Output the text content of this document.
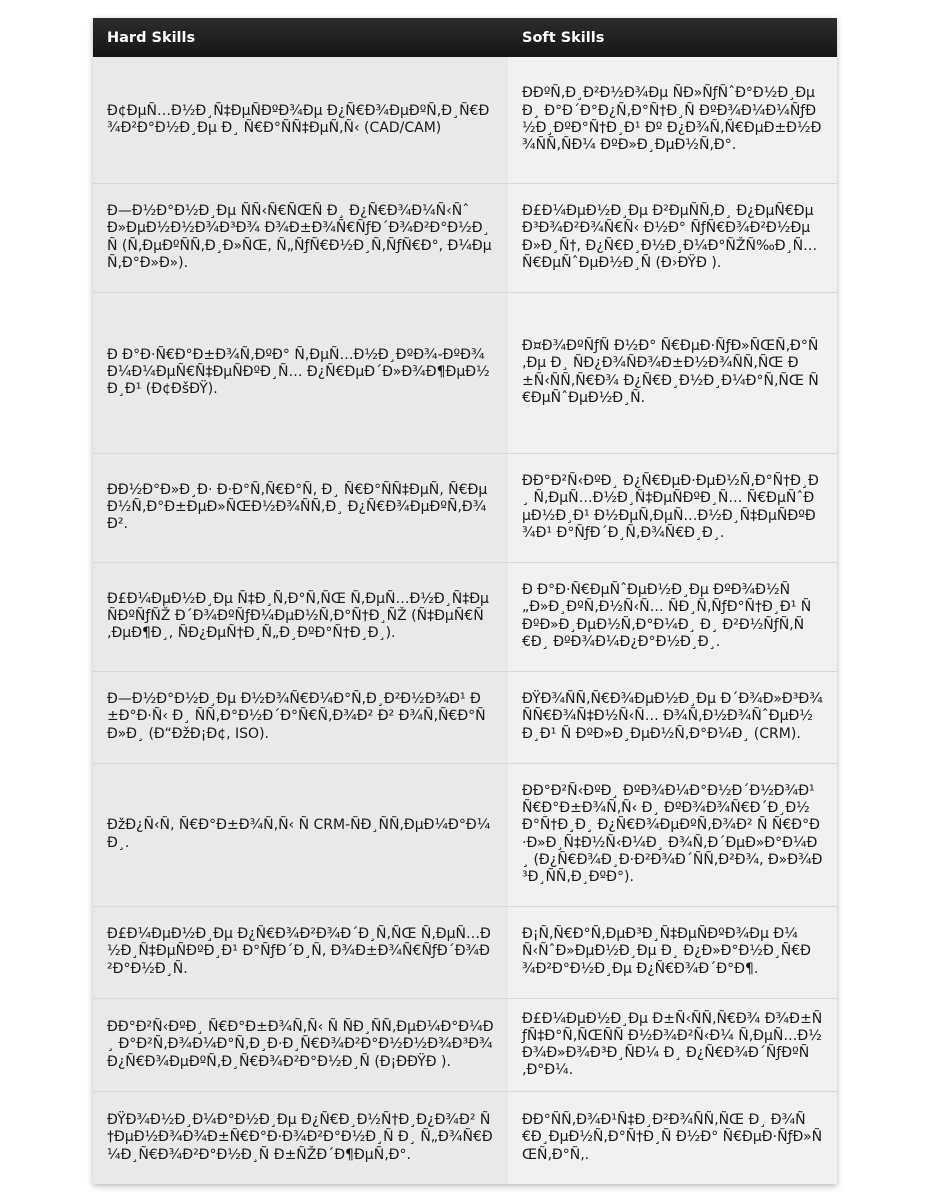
Hard Skills	Soft Skills
Ð¢ÐµÑ…Ð½Ð¸Ñ‡ÐµÑÐºÐ¾Ðµ Ð¿Ñ€Ð¾ÐµÐºÑ‚Ð¸Ñ€Ð¾Ð²Ð°Ð½Ð¸Ðµ Ð¸ Ñ€Ð°ÑÑ‡ÐµÑ‚Ñ‹ (CAD/CAM)	ÐÐºÑ‚Ð¸Ð²Ð½Ð¾Ðµ ÑÐ»ÑƒÑˆÐ°Ð½Ð¸Ðµ Ð¸ Ð°Ð´Ð°Ð¿Ñ‚Ð°Ñ†Ð¸Ñ ÐºÐ¾Ð¼Ð¼ÑƒÐ½Ð¸ÐºÐ°Ñ†Ð¸Ð¹ Ðº Ð¿Ð¾Ñ‚Ñ€ÐµÐ±Ð½Ð¾ÑÑ‚ÑÐ¼ ÐºÐ»Ð¸ÐµÐ½Ñ‚Ð°.
Ð—Ð½Ð°Ð½Ð¸Ðµ ÑÑ‹Ñ€ÑŒÑ Ð¸ Ð¿Ñ€Ð¾Ð¼Ñ‹ÑˆÐ»ÐµÐ½Ð½Ð¾Ð³Ð¾ Ð¾Ð±Ð¾Ñ€ÑƒÐ´Ð¾Ð²Ð°Ð½Ð¸Ñ (Ñ‚ÐµÐºÑÑ‚Ð¸Ð»ÑŒ, Ñ„ÑƒÑ€Ð½Ð¸Ñ‚ÑƒÑ€Ð°, Ð¼ÐµÑ‚Ð°Ð»Ð»).	Ð£Ð¼ÐµÐ½Ð¸Ðµ Ð²ÐµÑÑ‚Ð¸ Ð¿ÐµÑ€ÐµÐ³Ð¾Ð²Ð¾Ñ€Ñ‹ Ð½Ð° ÑƒÑ€Ð¾Ð²Ð½Ðµ Ð»Ð¸Ñ†, Ð¿Ñ€Ð¸Ð½Ð¸Ð¼Ð°ÑŽÑ‰Ð¸Ñ… Ñ€ÐµÑˆÐµÐ½Ð¸Ñ (Ð›ÐŸÐ ).
Ð Ð°Ð·Ñ€Ð°Ð±Ð¾Ñ‚ÐºÐ° Ñ‚ÐµÑ…Ð½Ð¸ÐºÐ¾-ÐºÐ¾Ð¼Ð¼ÐµÑ€Ñ‡ÐµÑÐºÐ¸Ñ… Ð¿Ñ€ÐµÐ´Ð»Ð¾Ð¶ÐµÐ½Ð¸Ð¹ (Ð¢ÐšÐŸ).	Ð¤Ð¾ÐºÑƒÑ Ð½Ð° Ñ€ÐµÐ·ÑƒÐ»ÑŒÑ‚Ð°Ñ‚Ðµ Ð¸ ÑÐ¿Ð¾ÑÐ¾Ð±Ð½Ð¾ÑÑ‚ÑŒ Ð±Ñ‹ÑÑ‚Ñ€Ð¾ Ð¿Ñ€Ð¸Ð½Ð¸Ð¼Ð°Ñ‚ÑŒ Ñ€ÐµÑˆÐµÐ½Ð¸Ñ.
ÐÐ½Ð°Ð»Ð¸Ð· Ð·Ð°Ñ‚Ñ€Ð°Ñ‚ Ð¸ Ñ€Ð°ÑÑ‡ÐµÑ‚ Ñ€ÐµÐ½Ñ‚Ð°Ð±ÐµÐ»ÑŒÐ½Ð¾ÑÑ‚Ð¸ Ð¿Ñ€Ð¾ÐµÐºÑ‚Ð¾Ð².	ÐÐ°Ð²Ñ‹ÐºÐ¸ Ð¿Ñ€ÐµÐ·ÐµÐ½Ñ‚Ð°Ñ†Ð¸Ð¸ Ñ‚ÐµÑ…Ð½Ð¸Ñ‡ÐµÑÐºÐ¸Ñ… Ñ€ÐµÑˆÐµÐ½Ð¸Ð¹ Ð½ÐµÑ‚ÐµÑ…Ð½Ð¸Ñ‡ÐµÑÐºÐ¾Ð¹ Ð°ÑƒÐ´Ð¸Ñ‚Ð¾Ñ€Ð¸Ð¸.
Ð£Ð¼ÐµÐ½Ð¸Ðµ Ñ‡Ð¸Ñ‚Ð°Ñ‚ÑŒ Ñ‚ÐµÑ…Ð½Ð¸Ñ‡ÐµÑÐºÑƒÑŽ Ð´Ð¾ÐºÑƒÐ¼ÐµÐ½Ñ‚Ð°Ñ†Ð¸ÑŽ (Ñ‡ÐµÑ€Ñ‚ÐµÐ¶Ð¸, ÑÐ¿ÐµÑ†Ð¸Ñ„Ð¸ÐºÐ°Ñ†Ð¸Ð¸).	Ð Ð°Ð·Ñ€ÐµÑˆÐµÐ½Ð¸Ðµ ÐºÐ¾Ð½Ñ„Ð»Ð¸ÐºÑ‚Ð½Ñ‹Ñ… ÑÐ¸Ñ‚ÑƒÐ°Ñ†Ð¸Ð¹ Ñ ÐºÐ»Ð¸ÐµÐ½Ñ‚Ð°Ð¼Ð¸ Ð¸ Ð²Ð½ÑƒÑ‚Ñ€Ð¸ ÐºÐ¾Ð¼Ð¿Ð°Ð½Ð¸Ð¸.
Ð—Ð½Ð°Ð½Ð¸Ðµ Ð½Ð¾Ñ€Ð¼Ð°Ñ‚Ð¸Ð²Ð½Ð¾Ð¹ Ð±Ð°Ð·Ñ‹ Ð¸ ÑÑ‚Ð°Ð½Ð´Ð°Ñ€Ñ‚Ð¾Ð² Ð² Ð¾Ñ‚Ñ€Ð°ÑÐ»Ð¸ (Ð“ÐžÐ¡Ð¢, ISO).	ÐŸÐ¾ÑÑ‚Ñ€Ð¾ÐµÐ½Ð¸Ðµ Ð´Ð¾Ð»Ð³Ð¾ÑÑ€Ð¾Ñ‡Ð½Ñ‹Ñ… Ð¾Ñ‚Ð½Ð¾ÑˆÐµÐ½Ð¸Ð¹ Ñ ÐºÐ»Ð¸ÐµÐ½Ñ‚Ð°Ð¼Ð¸ (CRM).
ÐžÐ¿Ñ‹Ñ‚ Ñ€Ð°Ð±Ð¾Ñ‚Ñ‹ Ñ CRM-ÑÐ¸ÑÑ‚ÐµÐ¼Ð°Ð¼Ð¸.	ÐÐ°Ð²Ñ‹ÐºÐ¸ ÐºÐ¾Ð¼Ð°Ð½Ð´Ð½Ð¾Ð¹ Ñ€Ð°Ð±Ð¾Ñ‚Ñ‹ Ð¸ ÐºÐ¾Ð¾Ñ€Ð´Ð¸Ð½Ð°Ñ†Ð¸Ð¸ Ð¿Ñ€Ð¾ÐµÐºÑ‚Ð¾Ð² Ñ Ñ€Ð°Ð·Ð»Ð¸Ñ‡Ð½Ñ‹Ð¼Ð¸ Ð¾Ñ‚Ð´ÐµÐ»Ð°Ð¼Ð¸ (Ð¿Ñ€Ð¾Ð¸Ð·Ð²Ð¾Ð´ÑÑ‚Ð²Ð¾, Ð»Ð¾Ð³Ð¸ÑÑ‚Ð¸ÐºÐ°).
Ð£Ð¼ÐµÐ½Ð¸Ðµ Ð¿Ñ€Ð¾Ð²Ð¾Ð´Ð¸Ñ‚ÑŒ Ñ‚ÐµÑ…Ð½Ð¸Ñ‡ÐµÑÐºÐ¸Ð¹ Ð°ÑƒÐ´Ð¸Ñ‚ Ð¾Ð±Ð¾Ñ€ÑƒÐ´Ð¾Ð²Ð°Ð½Ð¸Ñ.	Ð¡Ñ‚Ñ€Ð°Ñ‚ÐµÐ³Ð¸Ñ‡ÐµÑÐºÐ¾Ðµ Ð¼Ñ‹ÑˆÐ»ÐµÐ½Ð¸Ðµ Ð¸ Ð¿Ð»Ð°Ð½Ð¸Ñ€Ð¾Ð²Ð°Ð½Ð¸Ðµ Ð¿Ñ€Ð¾Ð´Ð°Ð¶.
ÐÐ°Ð²Ñ‹ÐºÐ¸ Ñ€Ð°Ð±Ð¾Ñ‚Ñ‹ Ñ ÑÐ¸ÑÑ‚ÐµÐ¼Ð°Ð¼Ð¸ Ð°Ð²Ñ‚Ð¾Ð¼Ð°Ñ‚Ð¸Ð·Ð¸Ñ€Ð¾Ð²Ð°Ð½Ð½Ð¾Ð³Ð¾ Ð¿Ñ€Ð¾ÐµÐºÑ‚Ð¸Ñ€Ð¾Ð²Ð°Ð½Ð¸Ñ (Ð¡ÐÐŸÐ ).	Ð£Ð¼ÐµÐ½Ð¸Ðµ Ð±Ñ‹ÑÑ‚Ñ€Ð¾ Ð¾Ð±ÑƒÑ‡Ð°Ñ‚ÑŒÑÑ Ð½Ð¾Ð²Ñ‹Ð¼ Ñ‚ÐµÑ…Ð½Ð¾Ð»Ð¾Ð³Ð¸ÑÐ¼ Ð¸ Ð¿Ñ€Ð¾Ð´ÑƒÐºÑ‚Ð°Ð¼.
ÐŸÐ¾Ð½Ð¸Ð¼Ð°Ð½Ð¸Ðµ Ð¿Ñ€Ð¸Ð½Ñ†Ð¸Ð¿Ð¾Ð² Ñ†ÐµÐ½Ð¾Ð¾Ð±Ñ€Ð°Ð·Ð¾Ð²Ð°Ð½Ð¸Ñ Ð¸ Ñ„Ð¾Ñ€Ð¼Ð¸Ñ€Ð¾Ð²Ð°Ð½Ð¸Ñ Ð±ÑŽÐ´Ð¶ÐµÑ‚Ð°.	ÐÐ°ÑÑ‚Ð¾Ð¹Ñ‡Ð¸Ð²Ð¾ÑÑ‚ÑŒ Ð¸ Ð¾Ñ€Ð¸ÐµÐ½Ñ‚Ð°Ñ†Ð¸Ñ Ð½Ð° Ñ€ÐµÐ·ÑƒÐ»ÑŒÑ‚Ð°Ñ‚.
